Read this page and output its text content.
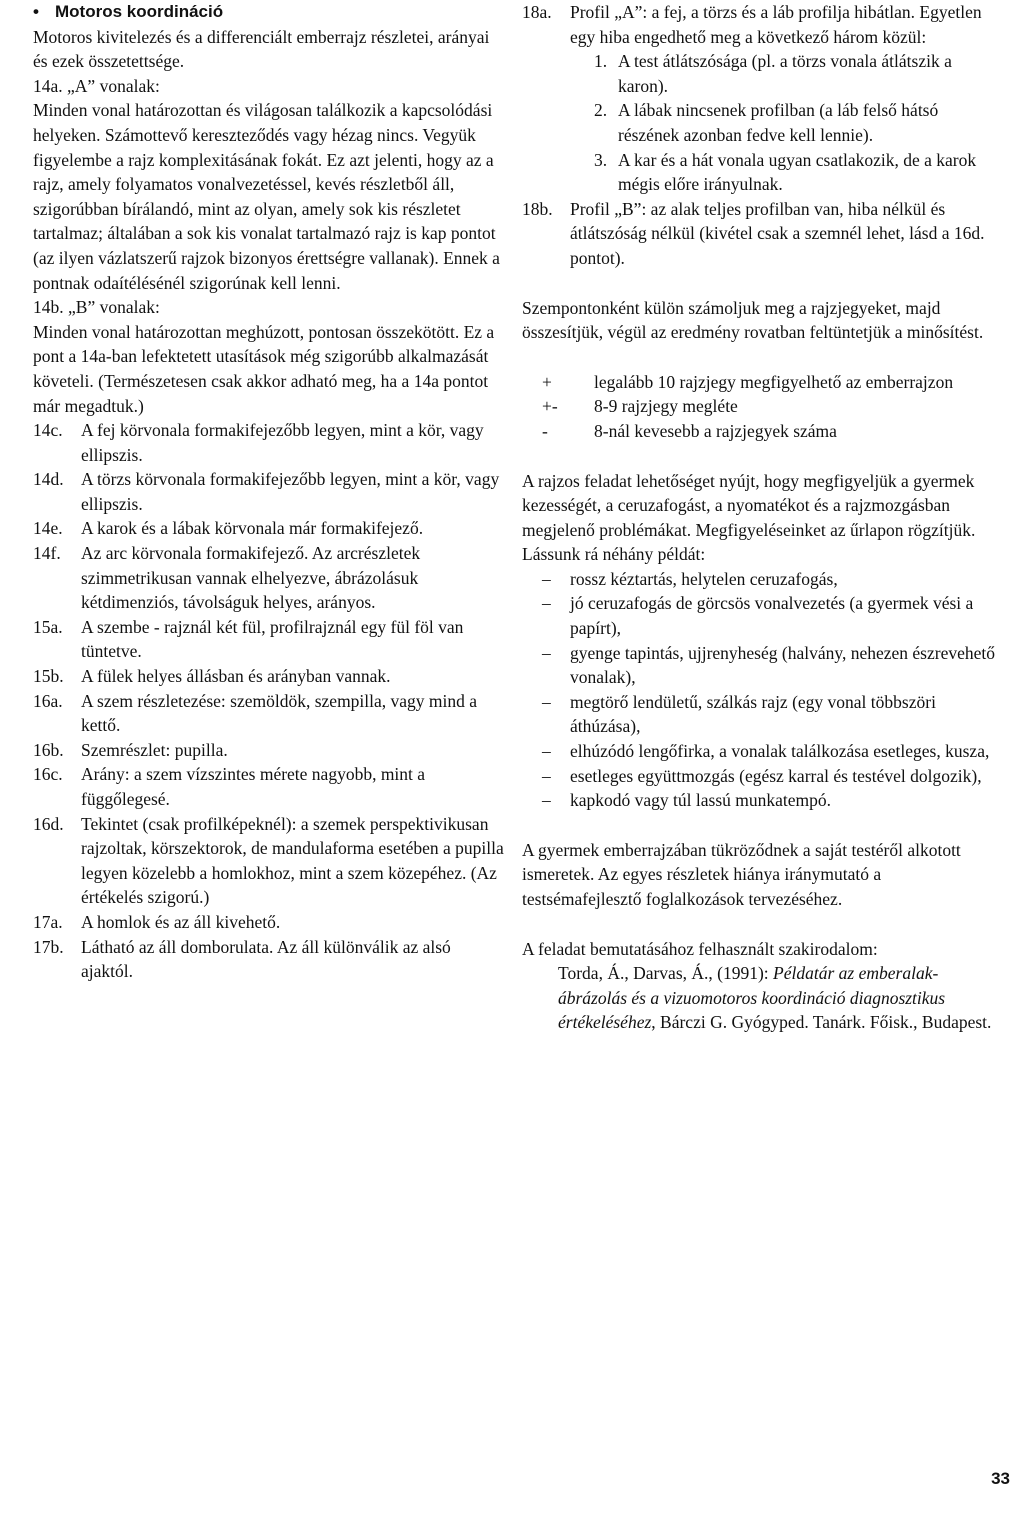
• Motoros koordináció

Motoros kivitelezés és a differenciált emberrajz részletei, arányai és ezek összetettsége.

14a. „A” vonalak:

Minden vonal határozottan és világosan találkozik a kapcsolódási helyeken. Számottevő kereszteződés vagy hézag nincs. Vegyük figyelembe a rajz komplexitásának fokát. Ez azt jelenti, hogy az a rajz, amely folyamatos vonalvezetéssel, kevés részletből áll, szigorúbban bírálandó, mint az olyan, amely sok kis részletet tartalmaz; általában a sok kis vonalat tartalmazó rajz is kap pontot (az ilyen vázlatszerű rajzok bizonyos érettségre vallanak). Ennek a pontnak odaítélésénél szigorúnak kell lenni.

14b. „B” vonalak:

Minden vonal határozottan meghúzott, pontosan összekötött. Ez a pont a 14a-ban lefektetett utasítások még szigorúbb alkalmazását követeli. (Természetesen csak akkor adható meg, ha a 14a pontot már megadtuk.)

14c.	A fej körvonala formakifejezőbb legyen, mint a kör, vagy ellipszis.
14d. A törzs körvonala formakifejezőbb legyen, mint a kör, vagy ellipszis.
14e.	A karok és a lábak körvonala már formakifejező.
14f.	Az arc körvonala formakifejező. Az arcrészletek szimmetrikusan vannak elhelyezve, ábrázolásuk kétdimenziós, távolságuk helyes, arányos.
15a.	A szembe - rajznál két fül, profilrajznál egy fül föl van tüntetve.
15b. A fülek helyes állásban és arányban vannak.
16a.	A szem részletezése: szemöldök, szempilla, vagy mind a kettő.
16b. Szemrészlet: pupilla.
16c.	Arány: a szem vízszintes mérete nagyobb, mint a függőlegesé.
16d. Tekintet (csak profilképeknél): a szemek perspektivikusan rajzoltak, körszektorok, de mandulaforma esetében a pupilla legyen közelebb a homlokhoz, mint a szem közepéhez. (Az értékelés szigorú.)
17a.	A homlok és az áll kivehető.
17b. Látható az áll domborulata. Az áll különválik az alsó ajaktól.
18a.	Profil „A”: a fej, a törzs és a láb profilja hibátlan. Egyetlen egy hiba engedhető meg a következő három közül:
1. A test átlátszósága (pl. a törzs vonala átlátszik a karon).
2. A lábak nincsenek profilban (a láb felső hátsó részének azonban fedve kell lennie).
3. A kar és a hát vonala ugyan csatlakozik, de a karok mégis előre irányulnak.
18b. Profil „B”: az alak teljes profilban van, hiba nélkül és átlátszóság nélkül (kivétel csak a szemnél lehet, lásd a 16d. pontot).

Szempontonként külön számoljuk meg a rajzjegyeket, majd összesítjük, végül az eredmény rovatban feltüntetjük a minősítést.

+	legalább 10 rajzjegy megfigyelhető az emberrajzon
+-	8-9 rajzjegy megléte
-	8-nál kevesebb a rajzjegyek száma

A rajzos feladat lehetőséget nyújt, hogy megfigyeljük a gyermek kezességét, a ceruzafogást, a nyomatékot és a rajzmozgásban megjelenő problémákat. Megfigyeléseinket az űrlapon rögzítjük. Lássunk rá néhány példát:

–	rossz kéztartás, helytelen ceruzafogás,
–	jó ceruzafogás de görcsös vonalvezetés (a gyermek vési a papírt),
–	gyenge tapintás, ujjrenyheség (halvány, nehezen észrevehető vonalak),
–	megtörő lendületű, szálkás rajz (egy vonal többszöri áthúzása),
–	elhúzódó lengőfirka, a vonalak találkozása esetleges, kusza,
–	esetleges együttmozgás (egész karral és testével dolgozik),
–	kapkodó vagy túl lassú munkatempó.

A gyermek emberrajzában tükröződnek a saját testéről alkotott ismeretek. Az egyes részletek hiánya iránymutató a testsémafejlesztő foglalkozások tervezéséhez.

A feladat bemutatásához felhasznált szakirodalom:

Torda, Á., Darvas, Á., (1991): Példatár az emberalak-ábrázolás és a vizuomotoros koordináció diagnosztikus értékeléséhez, Bárczi G. Gyógyped. Tanárk. Főisk., Budapest.

33
